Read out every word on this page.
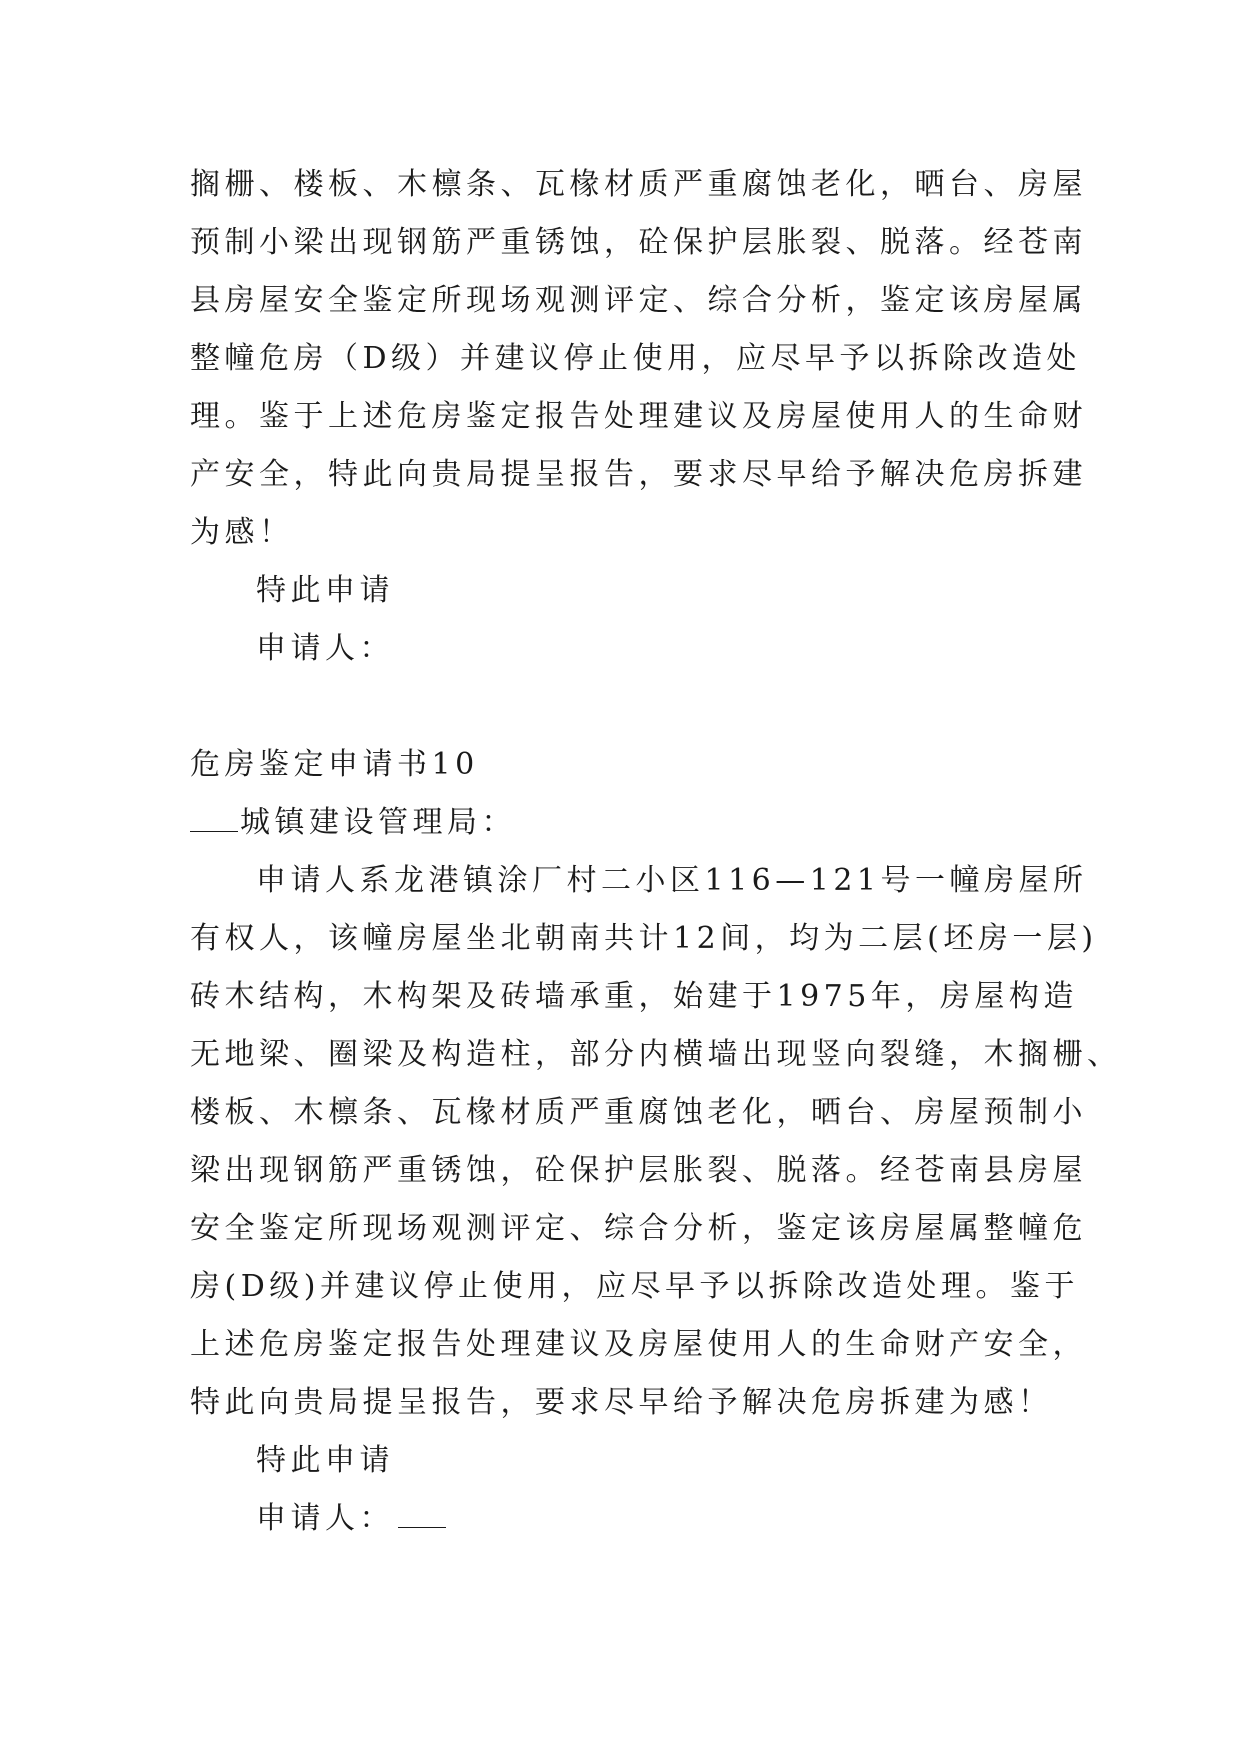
搁栅、楼板、木檩条、瓦椽材质严重腐蚀老化，晒台、房屋
预制小梁出现钢筋严重锈蚀，砼保护层胀裂、脱落。经苍南
县房屋安全鉴定所现场观测评定、综合分析，鉴定该房屋属
整幢危房（D级）并建议停止使用，应尽早予以拆除改造处
理。鉴于上述危房鉴定报告处理建议及房屋使用人的生命财
产安全，特此向贵局提呈报告，要求尽早给予解决危房拆建
为感！
特此申请
申请人：
危房鉴定申请书10
城镇建设管理局：
申请人系龙港镇涂厂村二小区116—121号一幢房屋所
有权人，该幢房屋坐北朝南共计12间，均为二层(坯房一层)
砖木结构，木构架及砖墙承重，始建于1975年，房屋构造
无地梁、圈梁及构造柱，部分内横墙出现竖向裂缝，木搁栅、
楼板、木檩条、瓦椽材质严重腐蚀老化，晒台、房屋预制小
梁出现钢筋严重锈蚀，砼保护层胀裂、脱落。经苍南县房屋
安全鉴定所现场观测评定、综合分析，鉴定该房屋属整幢危
房(D级)并建议停止使用，应尽早予以拆除改造处理。鉴于
上述危房鉴定报告处理建议及房屋使用人的生命财产安全，
特此向贵局提呈报告，要求尽早给予解决危房拆建为感！
特此申请
申请人：
